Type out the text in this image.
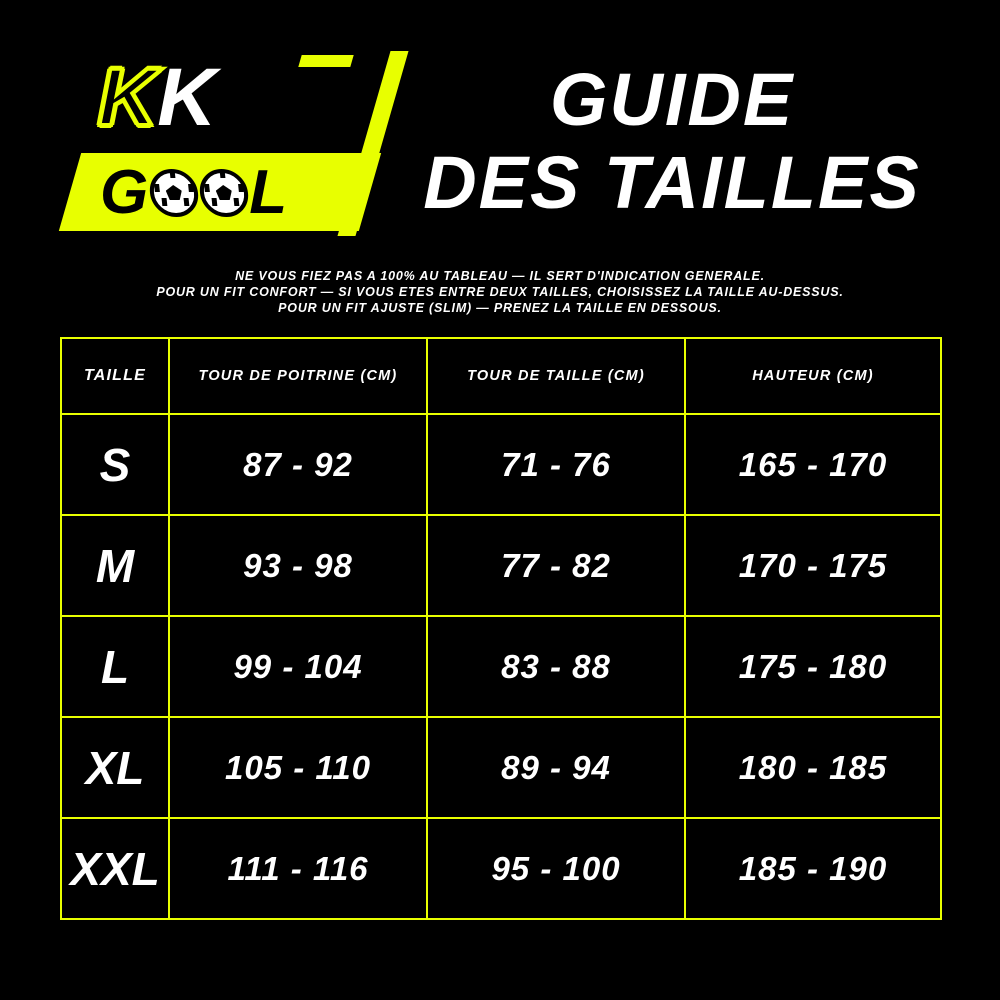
K K
G L
GUIDE
DES TAILLES
NE VOUS FIEZ PAS A 100% AU TABLEAU — IL SERT D'INDICATION GENERALE.
POUR UN FIT CONFORT — SI VOUS ETES ENTRE DEUX TAILLES, CHOISISSEZ LA TAILLE AU-DESSUS.
POUR UN FIT AJUSTE (SLIM) — PRENEZ LA TAILLE EN DESSOUS.
TAILLE	TOUR DE POITRINE (CM)	TOUR DE TAILLE (CM)	HAUTEUR (CM)
S	87 - 92	71 - 76	165 - 170
M	93 - 98	77 - 82	170 - 175
L	99 - 104	83 - 88	175 - 180
XL	105 - 110	89 - 94	180 - 185
XXL	111 - 116	95 - 100	185 - 190
